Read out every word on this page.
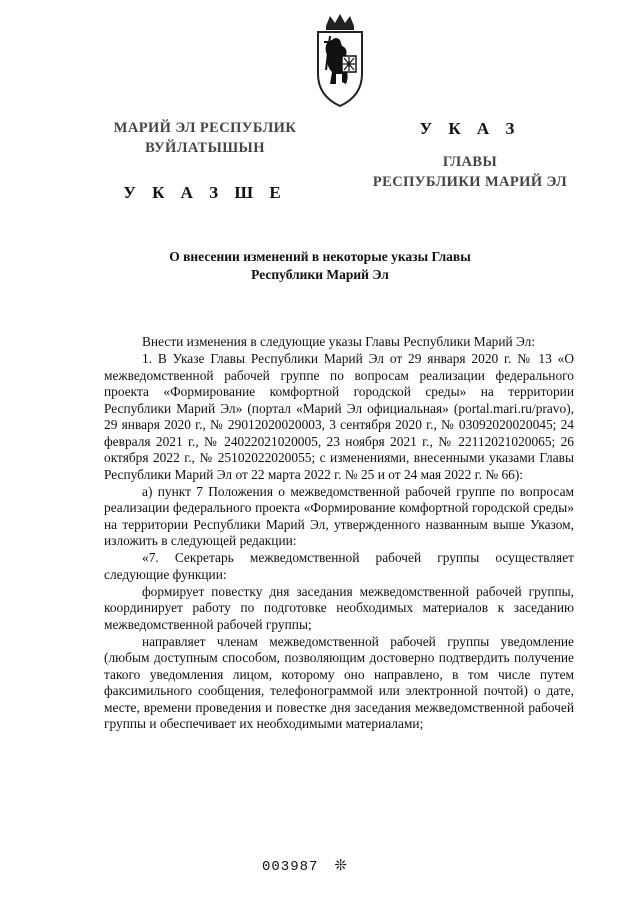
МАРИЙ ЭЛ РЕСПУБЛИК
ВУЙЛАТЫШЫН
У К А З Ш Е
У К А З
ГЛАВЫ
РЕСПУБЛИКИ МАРИЙ ЭЛ
О внесении изменений в некоторые указы Главы
Республики Марий Эл

Внести изменения в следующие указы Главы Республики Марий Эл:

1. В Указе Главы Республики Марий Эл от 29 января 2020 г. № 13 «О межведомственной рабочей группе по вопросам реализации федерального проекта «Формирование комфортной городской среды» на территории Республики Марий Эл» (портал «Марий Эл официальная» (portal.mari.ru/pravo), 29 января 2020 г., № 29012020020003, 3 сентября 2020 г., № 03092020020045; 24 февраля 2021 г., № 24022021020005, 23 ноября 2021 г., № 22112021020065; 26 октября 2022 г., № 25102022020055; с изменениями, внесенными указами Главы Республики Марий Эл от 22 марта 2022 г. № 25 и от 24 мая 2022 г. № 66):

а) пункт 7 Положения о межведомственной рабочей группе по вопросам реализации федерального проекта «Формирование комфортной городской среды» на территории Республики Марий Эл, утвержденного названным выше Указом, изложить в следующей редакции:

«7. Секретарь межведомственной рабочей группы осуществляет следующие функции:

формирует повестку дня заседания межведомственной рабочей группы, координирует работу по подготовке необходимых материалов к заседанию межведомственной рабочей группы;

направляет членам межведомственной рабочей группы уведомление (любым доступным способом, позволяющим достоверно подтвердить получение такого уведомления лицом, которому оно направлено, в том числе путем факсимильного сообщения, телефонограммой или электронной почтой) о дате, месте, времени проведения и повестке дня заседания межведомственной рабочей группы и обеспечивает их необходимыми материалами;

003987 ❊
